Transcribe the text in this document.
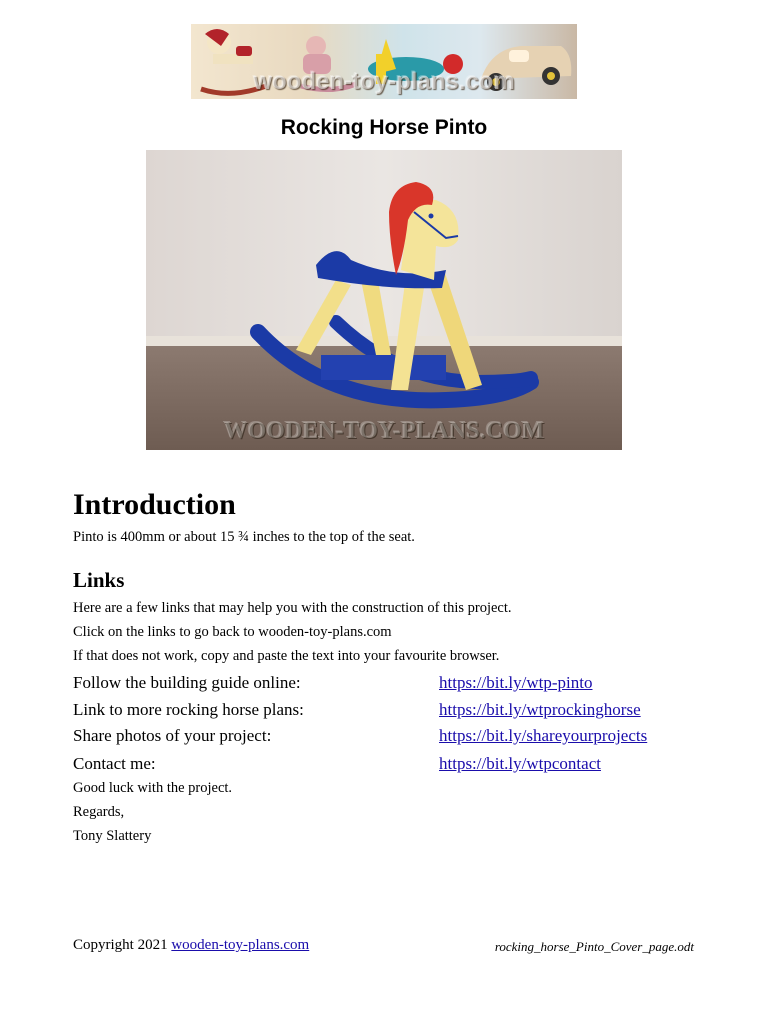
wooden-toy-plans.com
Rocking Horse Pinto
WOODEN-TOY-PLANS.COM
Introduction

Pinto is 400mm or about 15 ¾ inches to the top of the seat.

Links

Here are a few links that may help you with the construction of this project.

Click on the links to go back to wooden-toy-plans.com

If that does not work, copy and paste the text into your favourite browser.

Follow the building guide online:	https://bit.ly/wtp-pinto
Link to more rocking horse plans:	https://bit.ly/wtprockinghorse
Share photos of your project:	https://bit.ly/shareyourprojects
Contact me:	https://bit.ly/wtpcontact

Good luck with the project.

Regards,

Tony Slattery

Copyright 2021 wooden-toy-plans.com	rocking_horse_Pinto_Cover_page.odt
